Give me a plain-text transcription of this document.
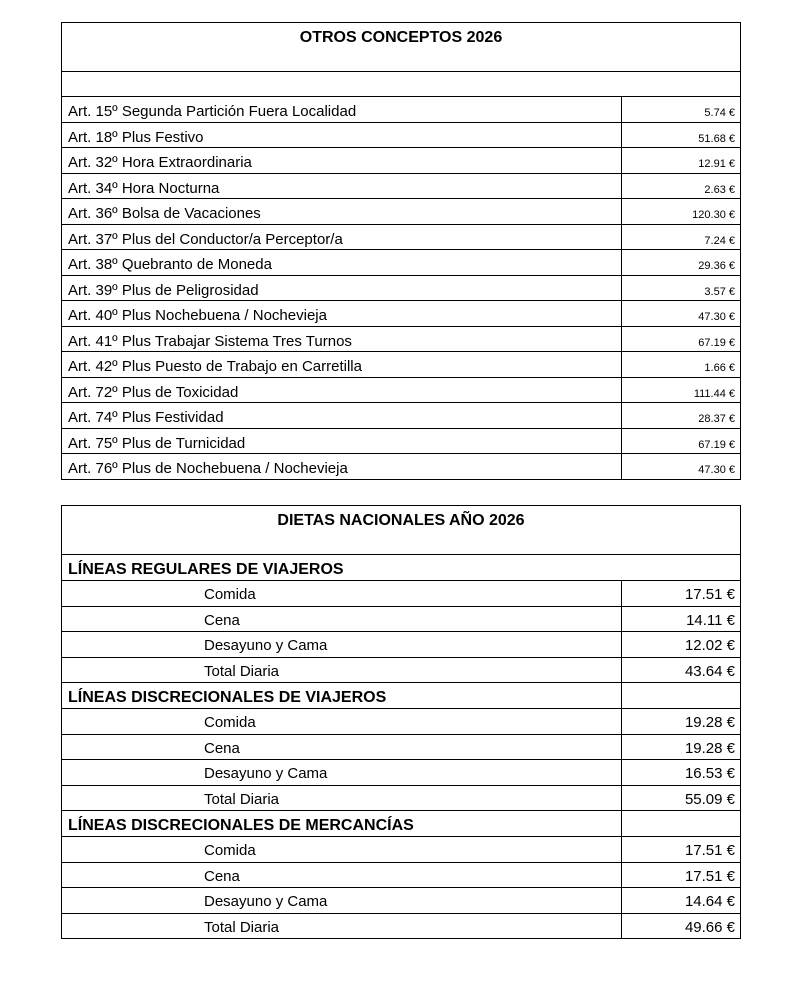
OTROS CONCEPTOS 2026
Art. 15º Segunda Partición Fuera Localidad	5.74 €
Art. 18º Plus Festivo	51.68 €
Art. 32º Hora Extraordinaria	12.91 €
Art. 34º Hora Nocturna	2.63 €
Art. 36º Bolsa de Vacaciones	120.30 €
Art. 37º Plus del Conductor/a Perceptor/a	7.24 €
Art. 38º Quebranto de Moneda	29.36 €
Art. 39º Plus de Peligrosidad	3.57 €
Art. 40º Plus Nochebuena / Nochevieja	47.30 €
Art. 41º Plus Trabajar Sistema Tres Turnos	67.19 €
Art. 42º Plus Puesto de Trabajo en Carretilla	1.66 €
Art. 72º Plus de Toxicidad	111.44 €
Art. 74º Plus Festividad	28.37 €
Art. 75º Plus de Turnicidad	67.19 €
Art. 76º Plus de Nochebuena / Nochevieja	47.30 €
DIETAS NACIONALES AÑO 2026
LÍNEAS REGULARES DE VIAJEROS
Comida	17.51 €
Cena	14.11 €
Desayuno y Cama	12.02 €
Total Diaria	43.64 €
LÍNEAS DISCRECIONALES DE VIAJEROS
Comida	19.28 €
Cena	19.28 €
Desayuno y Cama	16.53 €
Total Diaria	55.09 €
LÍNEAS DISCRECIONALES DE MERCANCÍAS
Comida	17.51 €
Cena	17.51 €
Desayuno y Cama	14.64 €
Total Diaria	49.66 €
